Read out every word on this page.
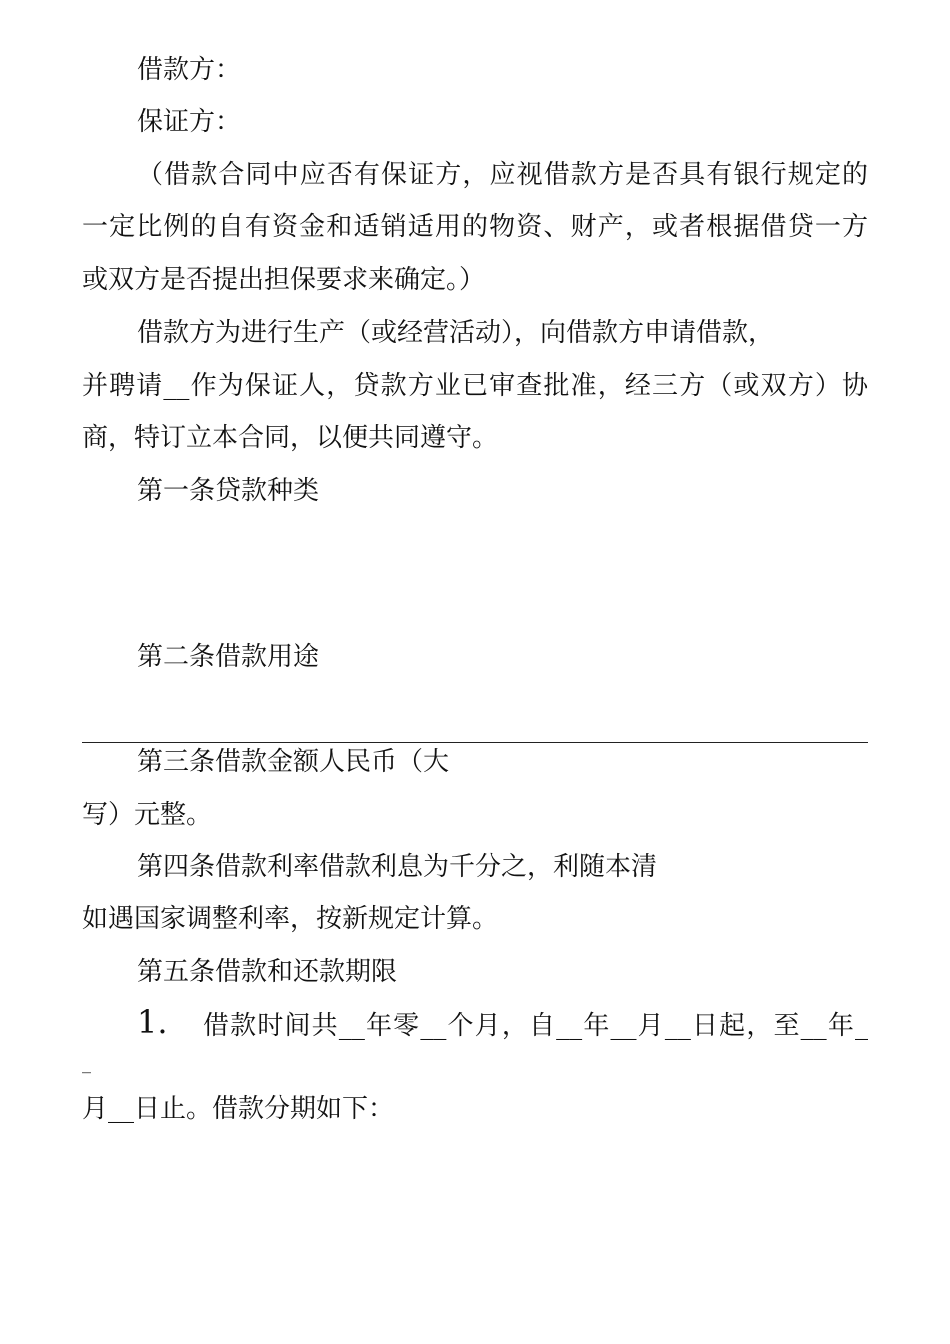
借款方：
保证方：
（借款合同中应否有保证方，应视借款方是否具有银行规定的
一定比例的自有资金和适销适用的物资、财产，或者根据借贷一方
或双方是否提出担保要求来确定。）
借款方为进行生产（或经营活动），向借款方申请借款，
并聘请__作为保证人，贷款方业已审查批准，经三方（或双方）协
商，特订立本合同，以便共同遵守。
第一条贷款种类
第二条借款用途
第三条借款金额人民币（大
写）元整。
第四条借款利率借款利息为千分之，利随本清
如遇国家调整利率，按新规定计算。
第五条借款和还款期限
1. 借款时间共__年零__个月，自__年__月__日起，至__年_
_
月__日止。借款分期如下：
